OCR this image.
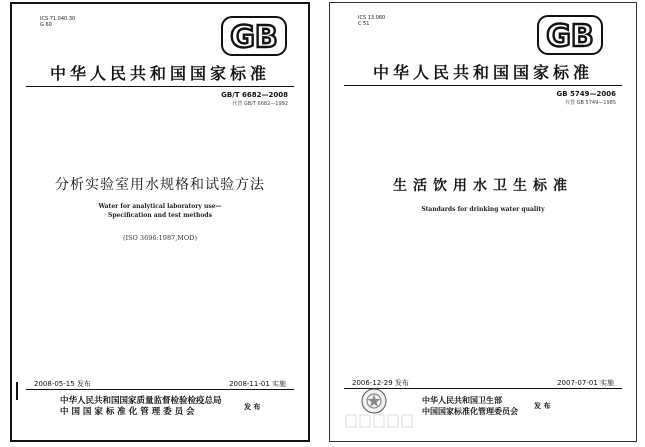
ICS 71.040.30
G 60	GB
中华人民共和国国家标准
GB/T 6682—2008
代替 GB/T 6682—1992
分析实验室用水规格和试验方法
Water for analytical laboratory use—
Specification and test methods
(ISO 3696:1987,MOD)
2008-05-15 发布	2008-11-01 实施
中华人民共和国国家质量监督检验检疫总局
中 国 国 家 标 准 化 管 理 委 员 会	发 布
ICS 13.060
C 51	GB
中华人民共和国国家标准
GB 5749—2006
代替 GB 5749—1985
生活饮用水卫生标准
Standards for drinking water quality
2006-12-29 发布	2007-07-01 实施
中华人民共和国卫生部
中国国家标准化管理委员会
发 布
